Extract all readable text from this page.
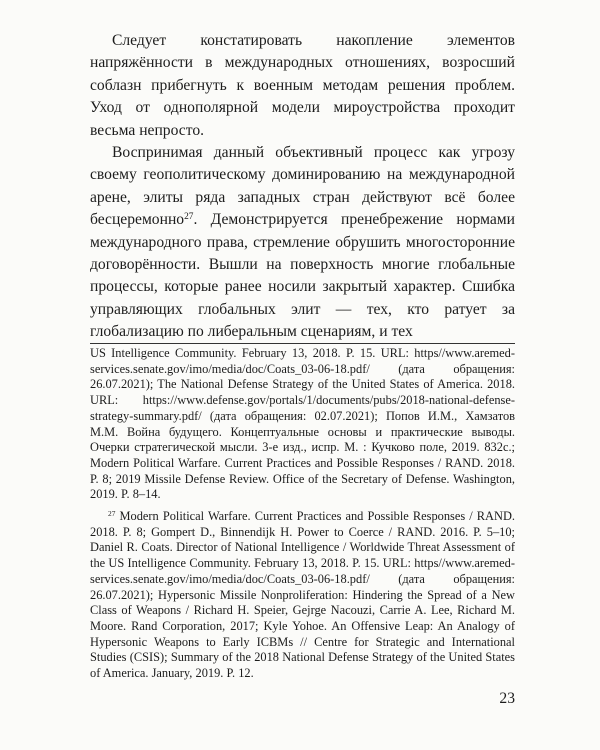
Следует констатировать накопление элементов напряжённости в международных отношениях, возросший соблазн прибегнуть к военным методам решения проблем. Уход от однополярной модели мироустройства проходит весьма непросто.

Воспринимая данный объективный процесс как угрозу своему геополитическому доминированию на международной арене, элиты ряда западных стран действуют всё более бесцеремонно$^{27}$. Демонстрируется пренебрежение нормами международного права, стремление обрушить многосторонние договорённости. Вышли на поверхность многие глобальные процессы, которые ранее носили закрытый характер. Сшибка управляющих глобальных элит — тех, кто ратует за глобализацию по либеральным сценариям, и тех

US Intelligence Community. February 13, 2018. P. 15. URL: https//www.aremed-services.senate.gov/imo/media/doc/Coats_03-06-18.pdf/ (дата обращения: 26.07.2021); The National Defense Strategy of the United States of America. 2018. URL: https://www.defense.gov/portals/1/documents/pubs/2018-national-defense-strategy-summary.pdf/ (дата обращения: 02.07.2021); Попов И.М., Хамзатов М.М. Война будущего. Концептуальные основы и практические выводы. Очерки стратегической мысли. 3-е изд., испр. М. : Кучково поле, 2019. 832с.; Modern Political Warfare. Current Practices and Possible Responses / RAND. 2018. P. 8; 2019 Missile Defense Review. Office of the Secretary of Defense. Washington, 2019. P. 8–14.

$^{27}$ Modern Political Warfare. Current Practices and Possible Responses / RAND. 2018. P. 8; Gompert D., Binnendijk H. Power to Coerce / RAND. 2016. P. 5–10; Daniel R. Coats. Director of National Intelligence / Worldwide Threat Assessment of the US Intelligence Community. February 13, 2018. P. 15. URL: https//www.aremed-services.senate.gov/imo/media/doc/Coats_03-06-18.pdf/ (дата обращения: 26.07.2021); Hypersonic Missile Nonproliferation: Hindering the Spread of a New Class of Weapons / Richard H. Speier, Gejrge Nacouzi, Carrie A. Lee, Richard M. Moore. Rand Corporation, 2017; Kyle Yohoe. An Offensive Leap: An Analogy of Hypersonic Weapons to Early ICBMs // Centre for Strategic and International Studies (CSIS); Summary of the 2018 National Defense Strategy of the United States of America. January, 2019. P. 12.

23
